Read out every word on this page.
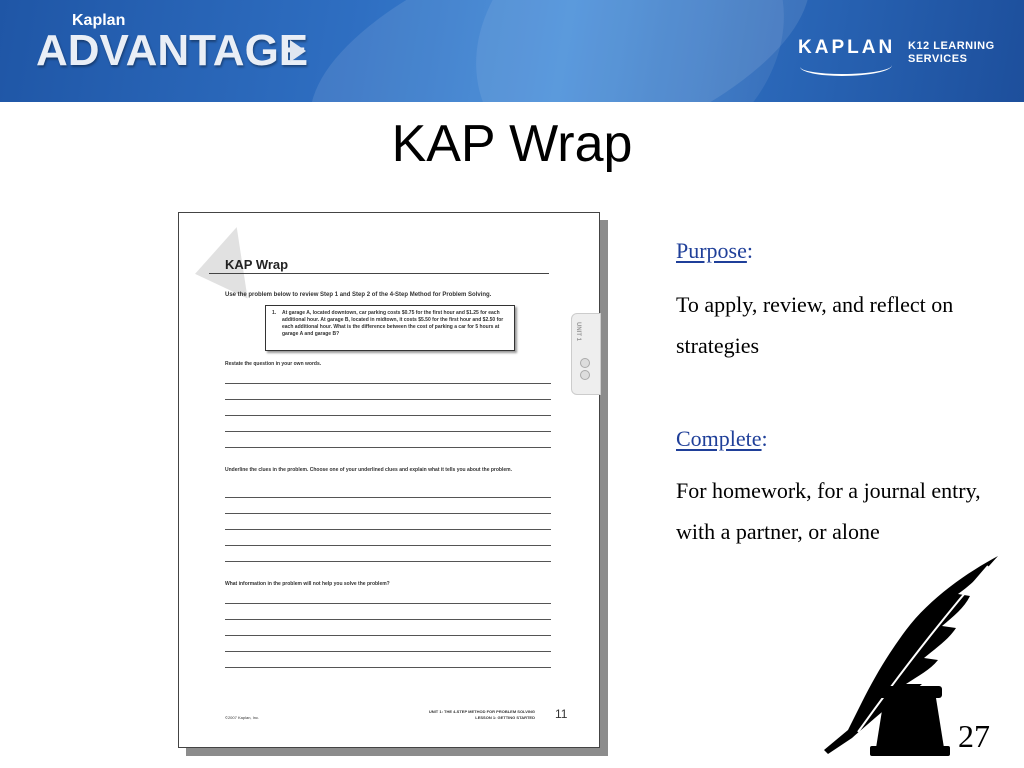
Kaplan
ADVANTAGE	KAPLAN K12 LEARNING
SERVICES
KAP Wrap
KAP Wrap
Use the problem below to review Step 1 and Step 2 of the 4-Step Method for Problem Solving.
1. At garage A, located downtown, car parking costs $0.75 for the first hour and $1.25 for each additional hour. At garage B, located in midtown, it costs $5.50 for the first hour and $2.50 for each additional hour. What is the difference between the cost of parking a car for 5 hours at garage A and garage B?
Restate the question in your own words.
Underline the clues in the problem. Choose one of your underlined clues and explain what it tells you about the problem.
What information in the problem will not help you solve the problem?
UNIT 1
©2007 Kaplan, Inc.
UNIT 1: THE 4-STEP METHOD FOR PROBLEM SOLVING
LESSON 1: GETTING STARTED 11
Purpose:
To apply, review, and reflect on strategies
Complete:
For homework, for a journal entry, with a partner, or alone
27
